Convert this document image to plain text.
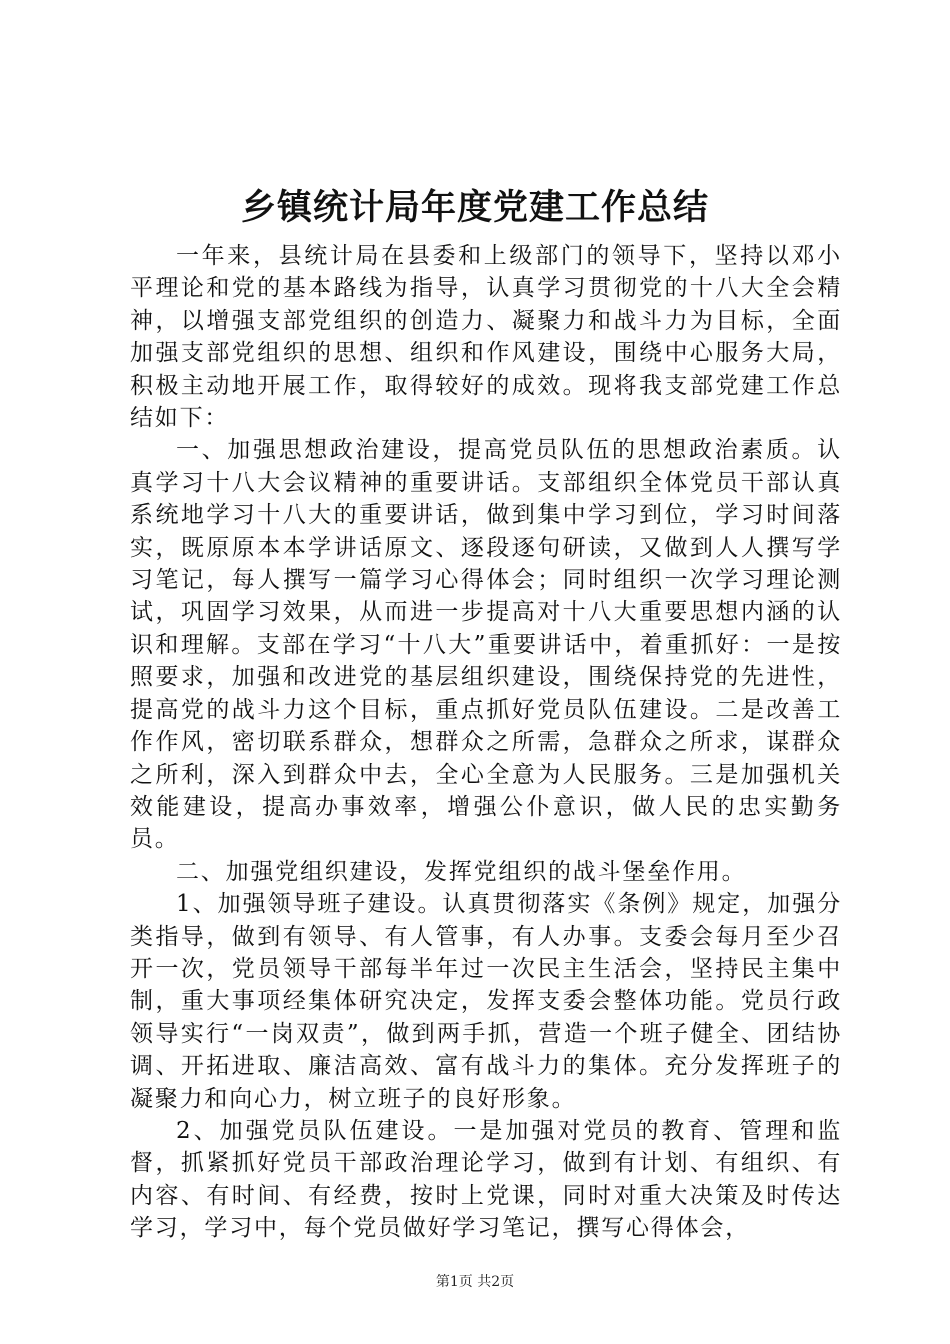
乡镇统计局年度党建工作总结

一年来，县统计局在县委和上级部门的领导下，坚持以邓小平理论和党的基本路线为指导，认真学习贯彻党的十八大全会精神，以增强支部党组织的创造力、凝聚力和战斗力为目标，全面加强支部党组织的思想、组织和作风建设，围绕中心服务大局，积极主动地开展工作，取得较好的成效。现将我支部党建工作总结如下：

一、加强思想政治建设，提高党员队伍的思想政治素质。认真学习十八大会议精神的重要讲话。支部组织全体党员干部认真系统地学习十八大的重要讲话，做到集中学习到位，学习时间落实，既原原本本学讲话原文、逐段逐句研读，又做到人人撰写学习笔记，每人撰写一篇学习心得体会；同时组织一次学习理论测试，巩固学习效果，从而进一步提高对十八大重要思想内涵的认识和理解。支部在学习“十八大”重要讲话中，着重抓好：一是按照要求，加强和改进党的基层组织建设，围绕保持党的先进性，提高党的战斗力这个目标，重点抓好党员队伍建设。二是改善工作作风，密切联系群众，想群众之所需，急群众之所求，谋群众之所利，深入到群众中去，全心全意为人民服务。三是加强机关效能建设，提高办事效率，增强公仆意识，做人民的忠实勤务员。

二、加强党组织建设，发挥党组织的战斗堡垒作用。

1、加强领导班子建设。认真贯彻落实《条例》规定，加强分类指导，做到有领导、有人管事，有人办事。支委会每月至少召开一次，党员领导干部每半年过一次民主生活会，坚持民主集中制，重大事项经集体研究决定，发挥支委会整体功能。党员行政领导实行“一岗双责”，做到两手抓，营造一个班子健全、团结协调、开拓进取、廉洁高效、富有战斗力的集体。充分发挥班子的凝聚力和向心力，树立班子的良好形象。

2、加强党员队伍建设。一是加强对党员的教育、管理和监督，抓紧抓好党员干部政治理论学习，做到有计划、有组织、有内容、有时间、有经费，按时上党课，同时对重大决策及时传达学习，学习中，每个党员做好学习笔记，撰写心得体会，

第1页 共2页
